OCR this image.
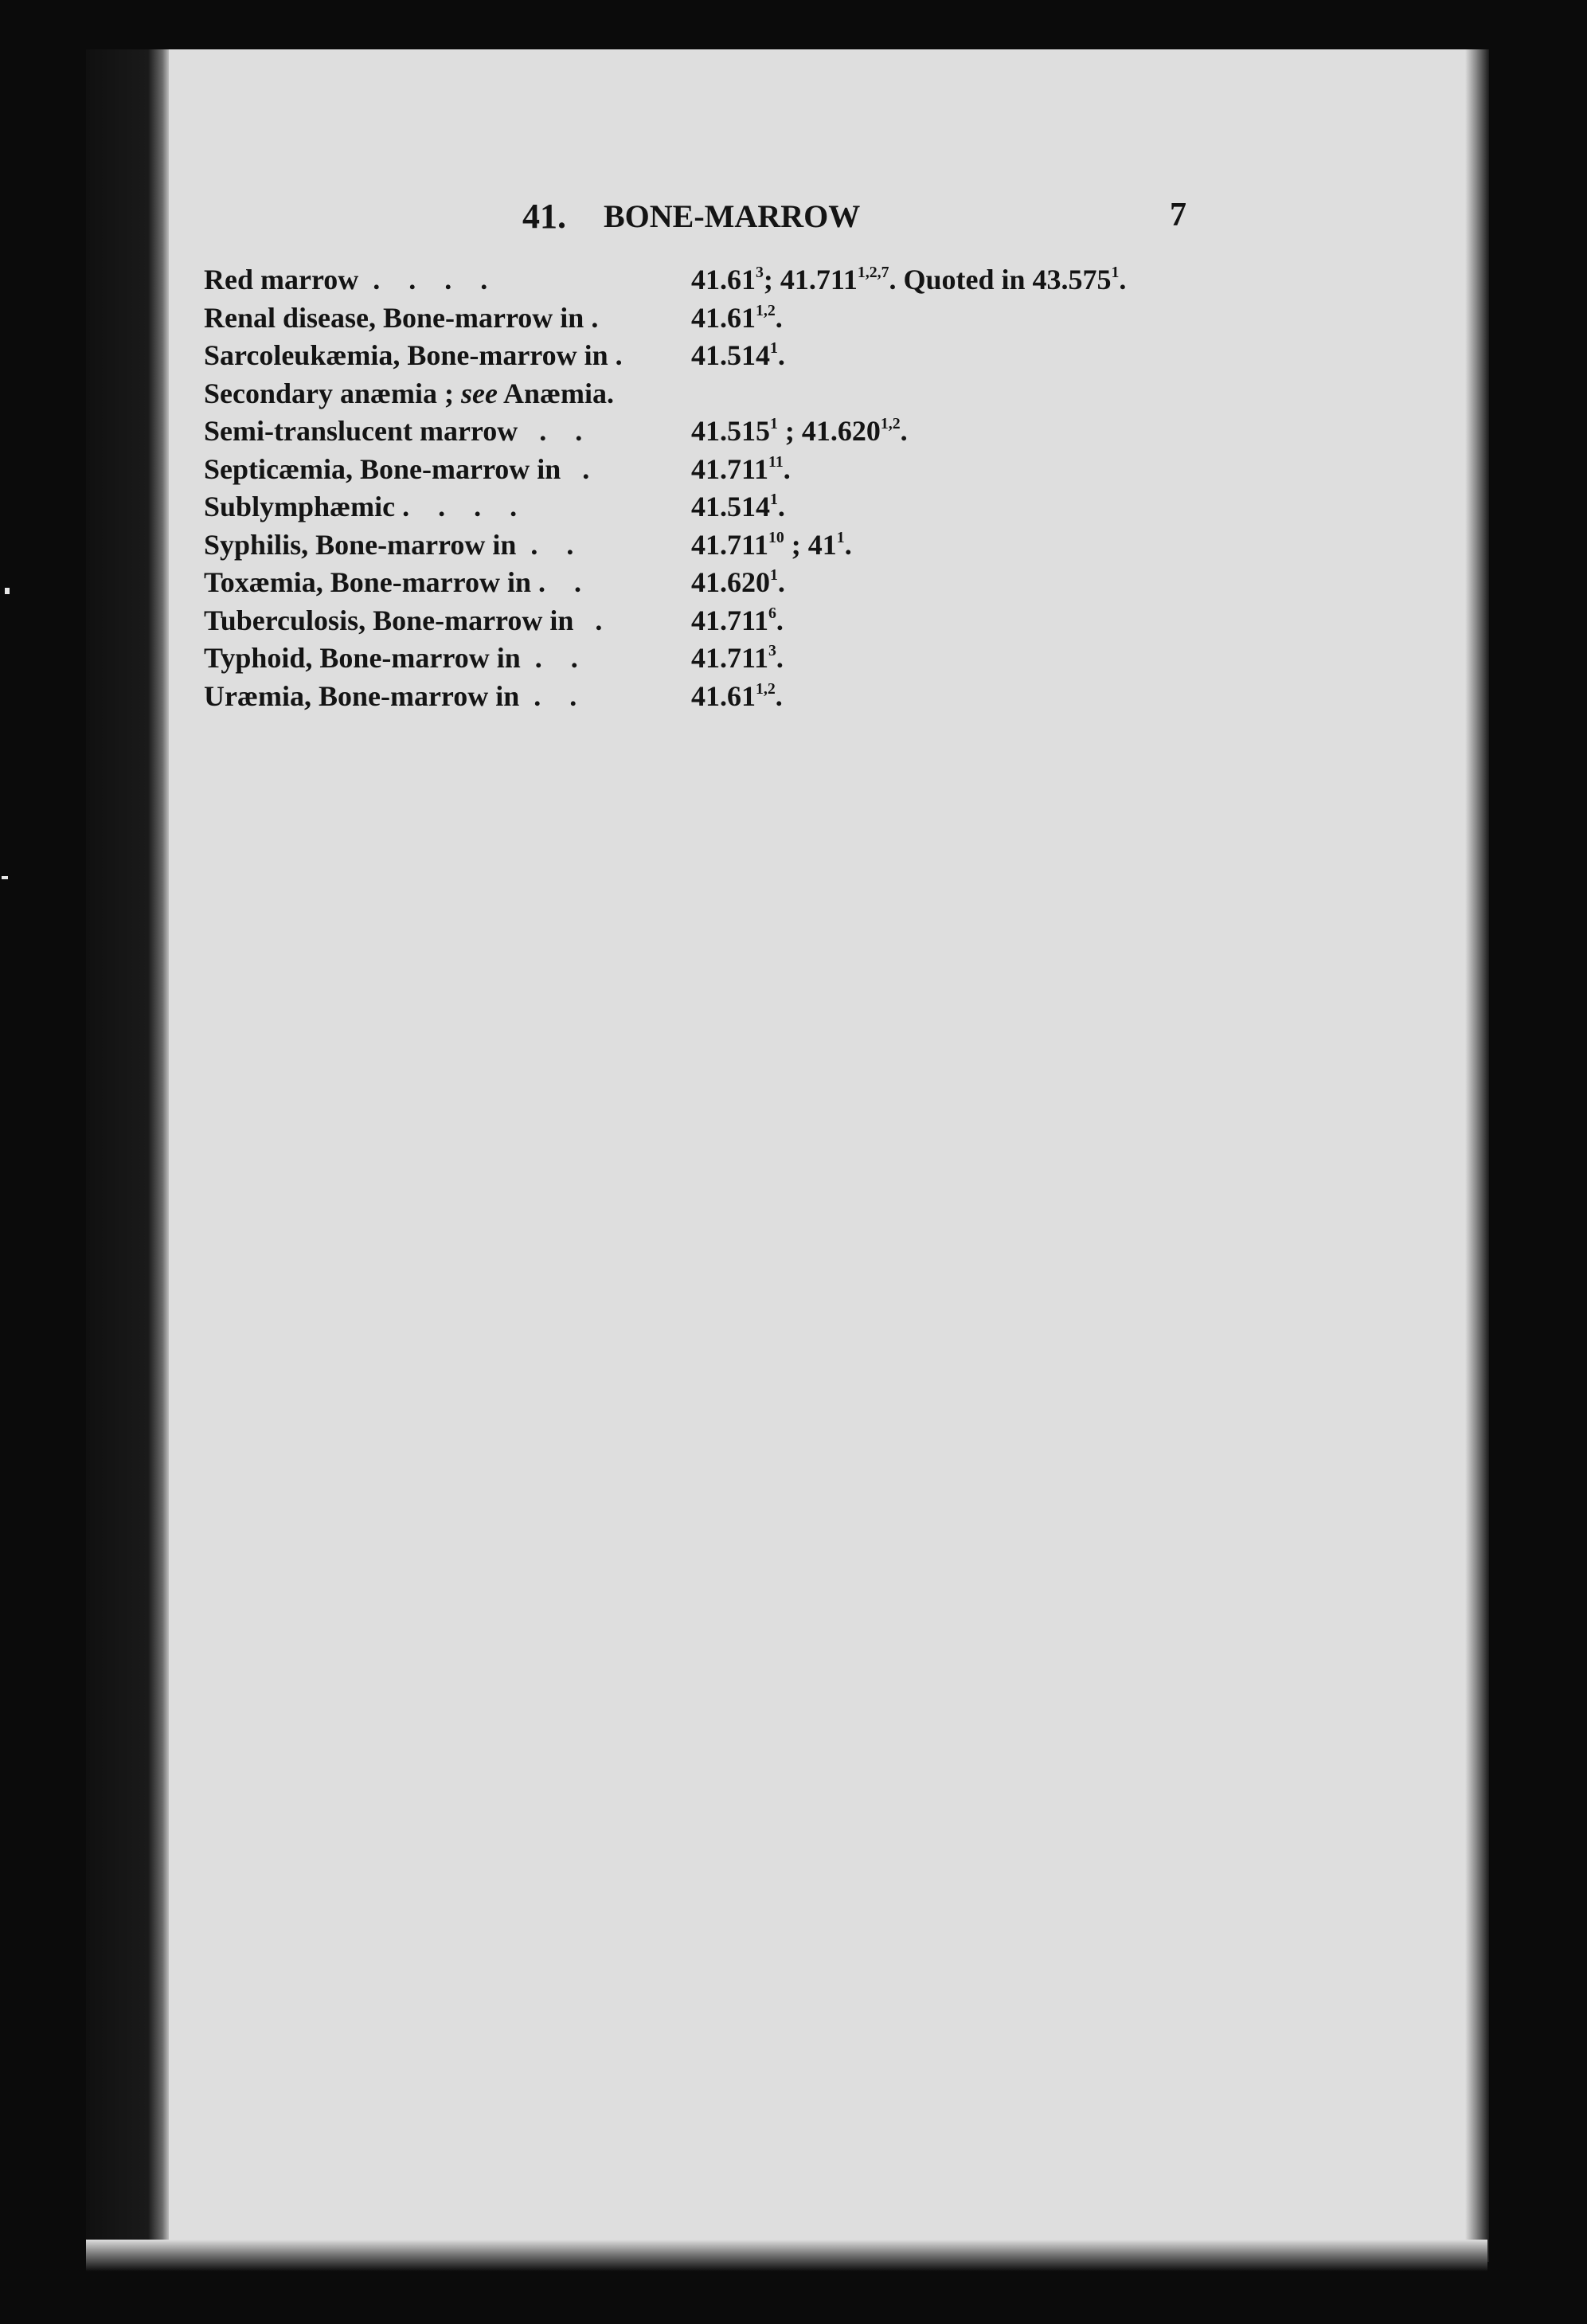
41. BONE-MARROW	7
Red marrow  .    .    .    .	41.61$^3$; 41.711$^{1,2,7}$. Quoted in 43.575$^1$.
Renal disease, Bone-marrow in .	41.61$^{1,2}$.
Sarcoleukæmia, Bone-marrow in . 41.514$^1$.
Secondary anæmia ; see Anæmia.
Semi-translucent marrow   .    .	41.515$^1$ ; 41.620$^{1,2}$.
Septicæmia, Bone-marrow in   .	41.711$^{11}$.
Sublymphæmic .    .    .    .	41.514$^1$.
Syphilis, Bone-marrow in  .    .	41.711$^{10}$ ; $41^1$.
Toxæmia, Bone-marrow in .    .	41.620$^1$.
Tuberculosis, Bone-marrow in   .	41.711$^6$.
Typhoid, Bone-marrow in  .    .	41.711$^3$.
Uræmia, Bone-marrow in  .    .	41.61$^{1,2}$.
